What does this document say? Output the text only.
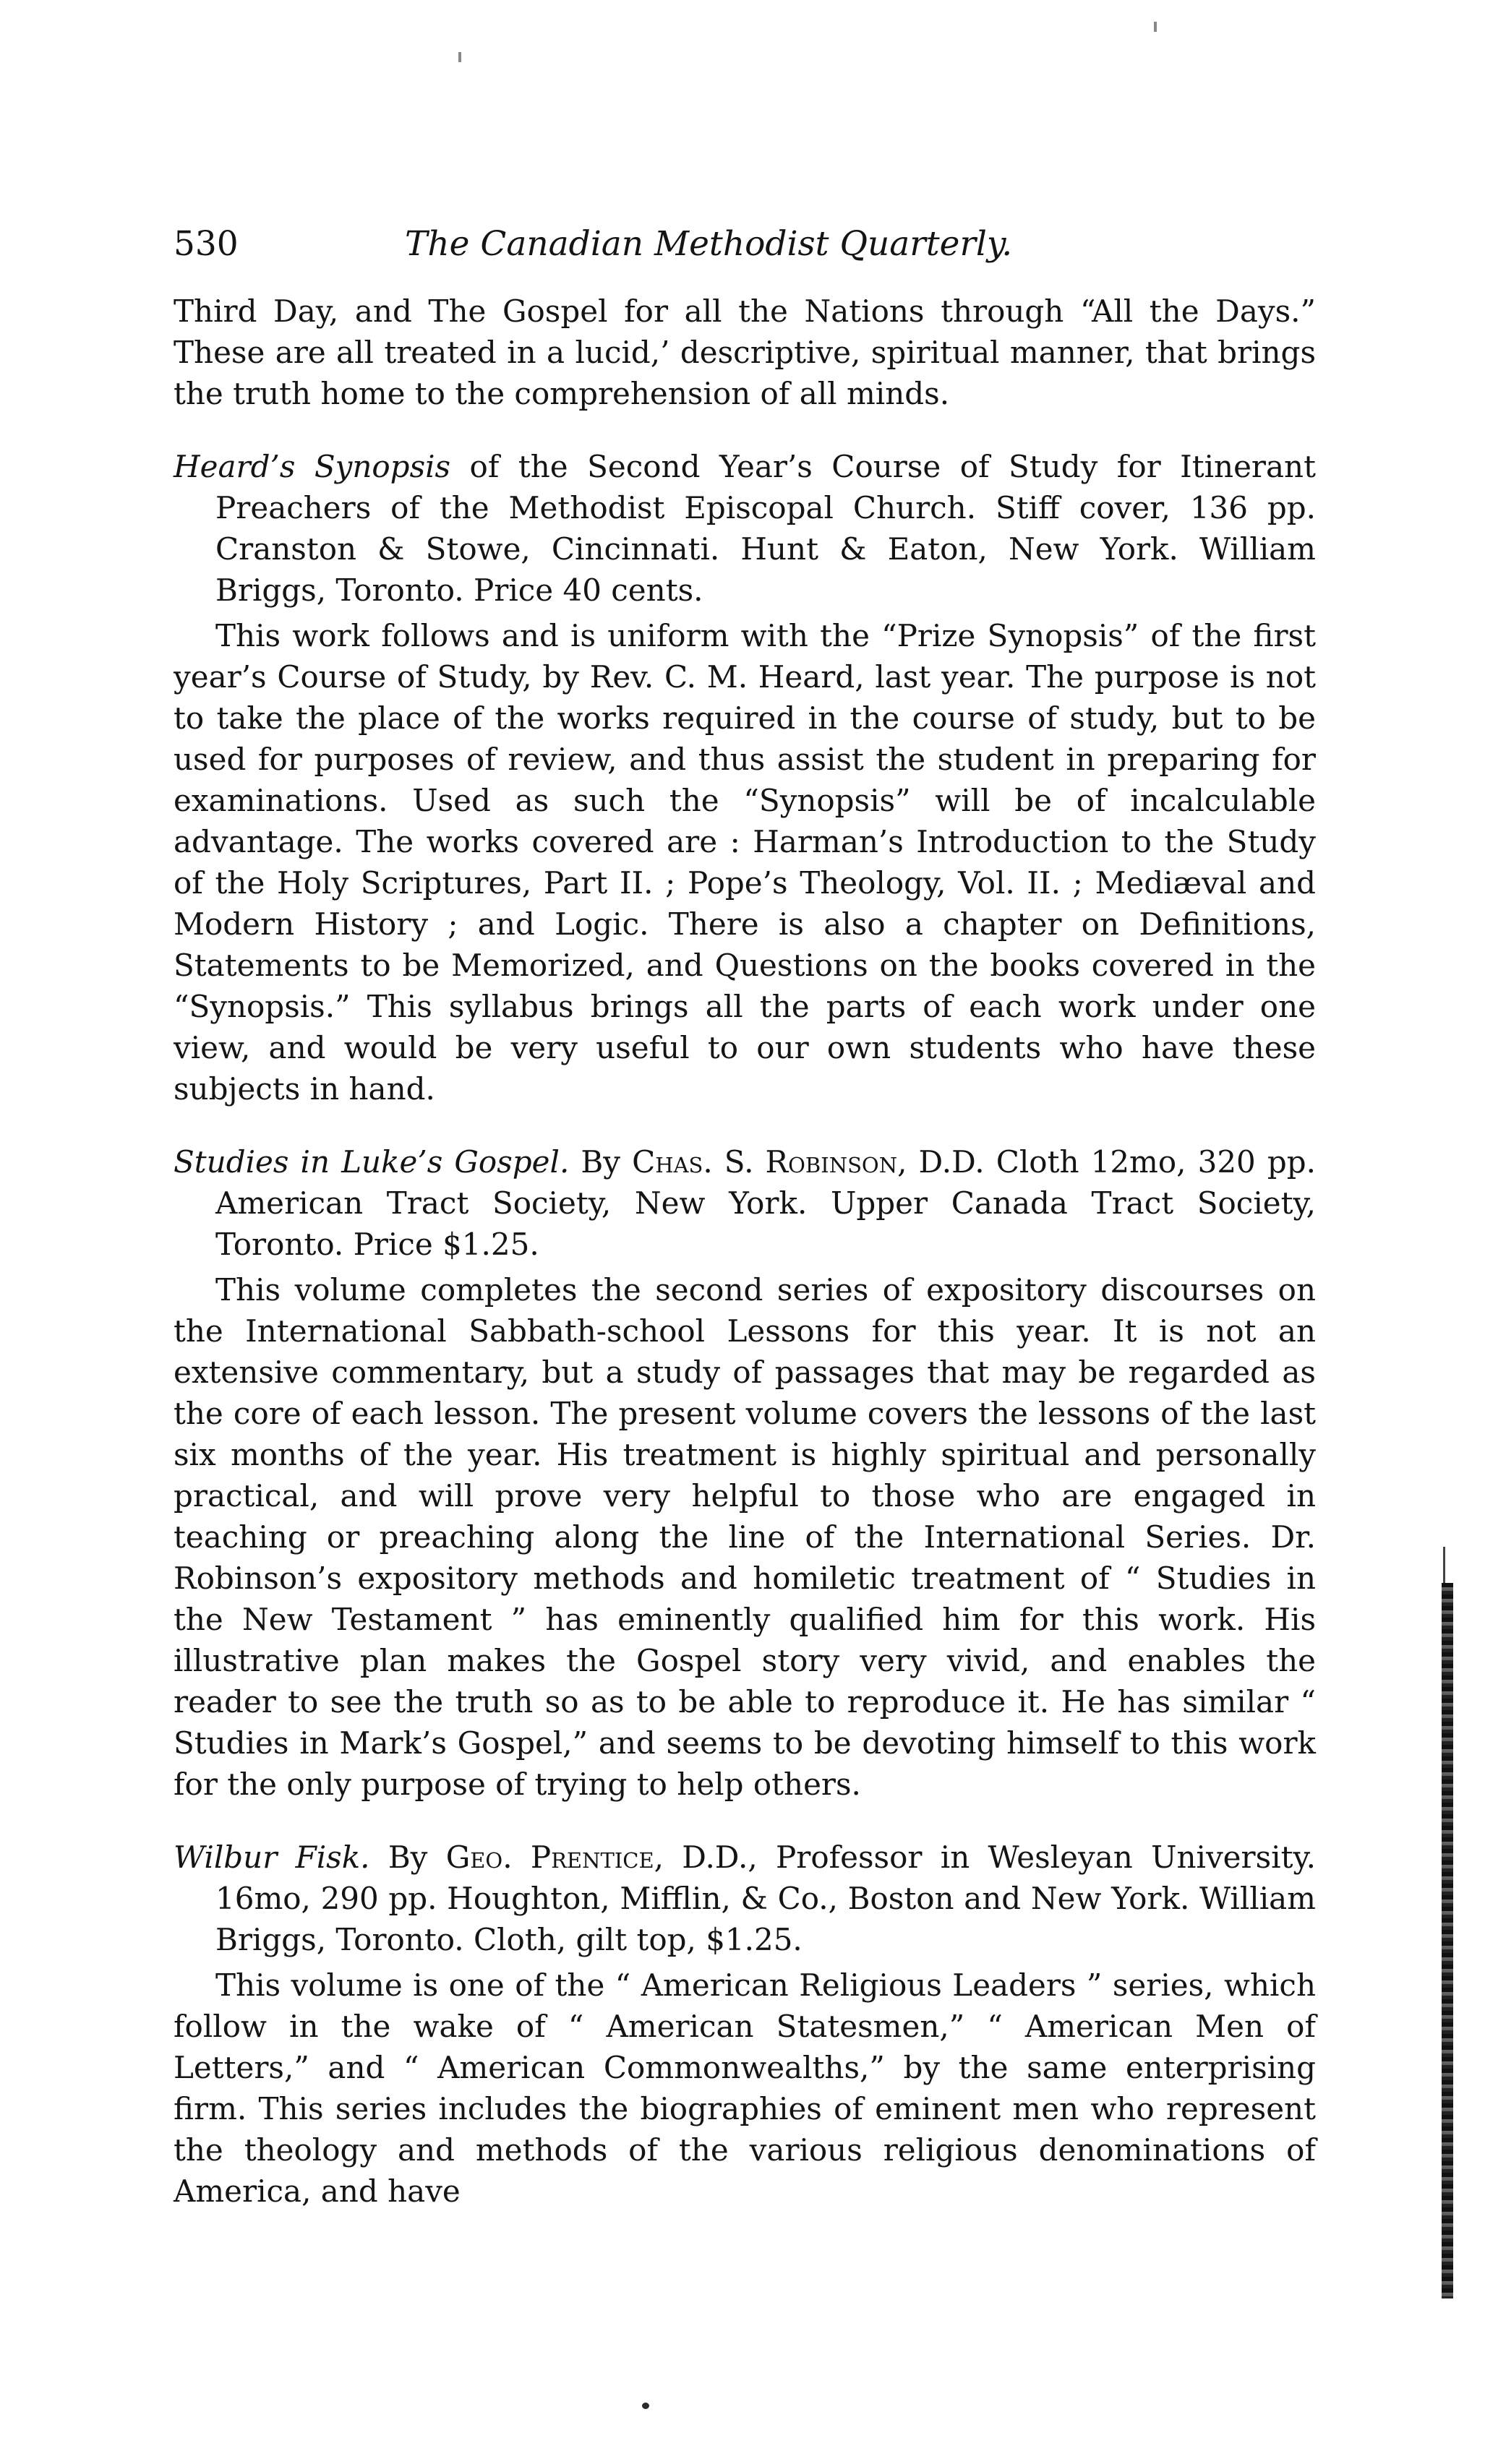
530	The Canadian Methodist Quarterly.

Third Day, and The Gospel for all the Nations through “All the Days.” These are all treated in a lucid,’ descriptive, spiritual manner, that brings the truth home to the comprehension of all minds.

Heard’s Synopsis of the Second Year’s Course of Study for Itinerant Preachers of the Methodist Episcopal Church. Stiff cover, 136 pp. Cranston & Stowe, Cincinnati. Hunt & Eaton, New York. William Briggs, Toronto. Price 40 cents.

This work follows and is uniform with the “Prize Synopsis” of the first year’s Course of Study, by Rev. C. M. Heard, last year. The purpose is not to take the place of the works required in the course of study, but to be used for purposes of review, and thus assist the student in preparing for examinations. Used as such the “Synopsis” will be of incalculable advantage. The works covered are : Harman’s Introduction to the Study of the Holy Scriptures, Part II. ; Pope’s Theology, Vol. II. ; Mediæval and Modern History ; and Logic. There is also a chapter on Definitions, Statements to be Memorized, and Questions on the books covered in the “Synopsis.” This syllabus brings all the parts of each work under one view, and would be very useful to our own students who have these subjects in hand.

Studies in Luke’s Gospel. By Chas. S. Robinson, D.D. Cloth 12mo, 320 pp. American Tract Society, New York. Upper Canada Tract Society, Toronto. Price $1.25.

This volume completes the second series of expository discourses on the International Sabbath-school Lessons for this year. It is not an extensive commentary, but a study of passages that may be regarded as the core of each lesson. The present volume covers the lessons of the last six months of the year. His treatment is highly spiritual and personally practical, and will prove very helpful to those who are engaged in teaching or preaching along the line of the International Series. Dr. Robinson’s expository methods and homiletic treatment of “ Studies in the New Testament ” has eminently qualified him for this work. His illustrative plan makes the Gospel story very vivid, and enables the reader to see the truth so as to be able to reproduce it. He has similar “ Studies in Mark’s Gospel,” and seems to be devoting himself to this work for the only purpose of trying to help others.

Wilbur Fisk. By Geo. Prentice, D.D., Professor in Wesleyan University. 16mo, 290 pp. Houghton, Mifflin, & Co., Boston and New York. William Briggs, Toronto. Cloth, gilt top, $1.25.

This volume is one of the “ American Religious Leaders ” series, which follow in the wake of “ American Statesmen,” “ American Men of Letters,” and “ American Commonwealths,” by the same enterprising firm. This series includes the biographies of eminent men who represent the theology and methods of the various religious denominations of America, and have
